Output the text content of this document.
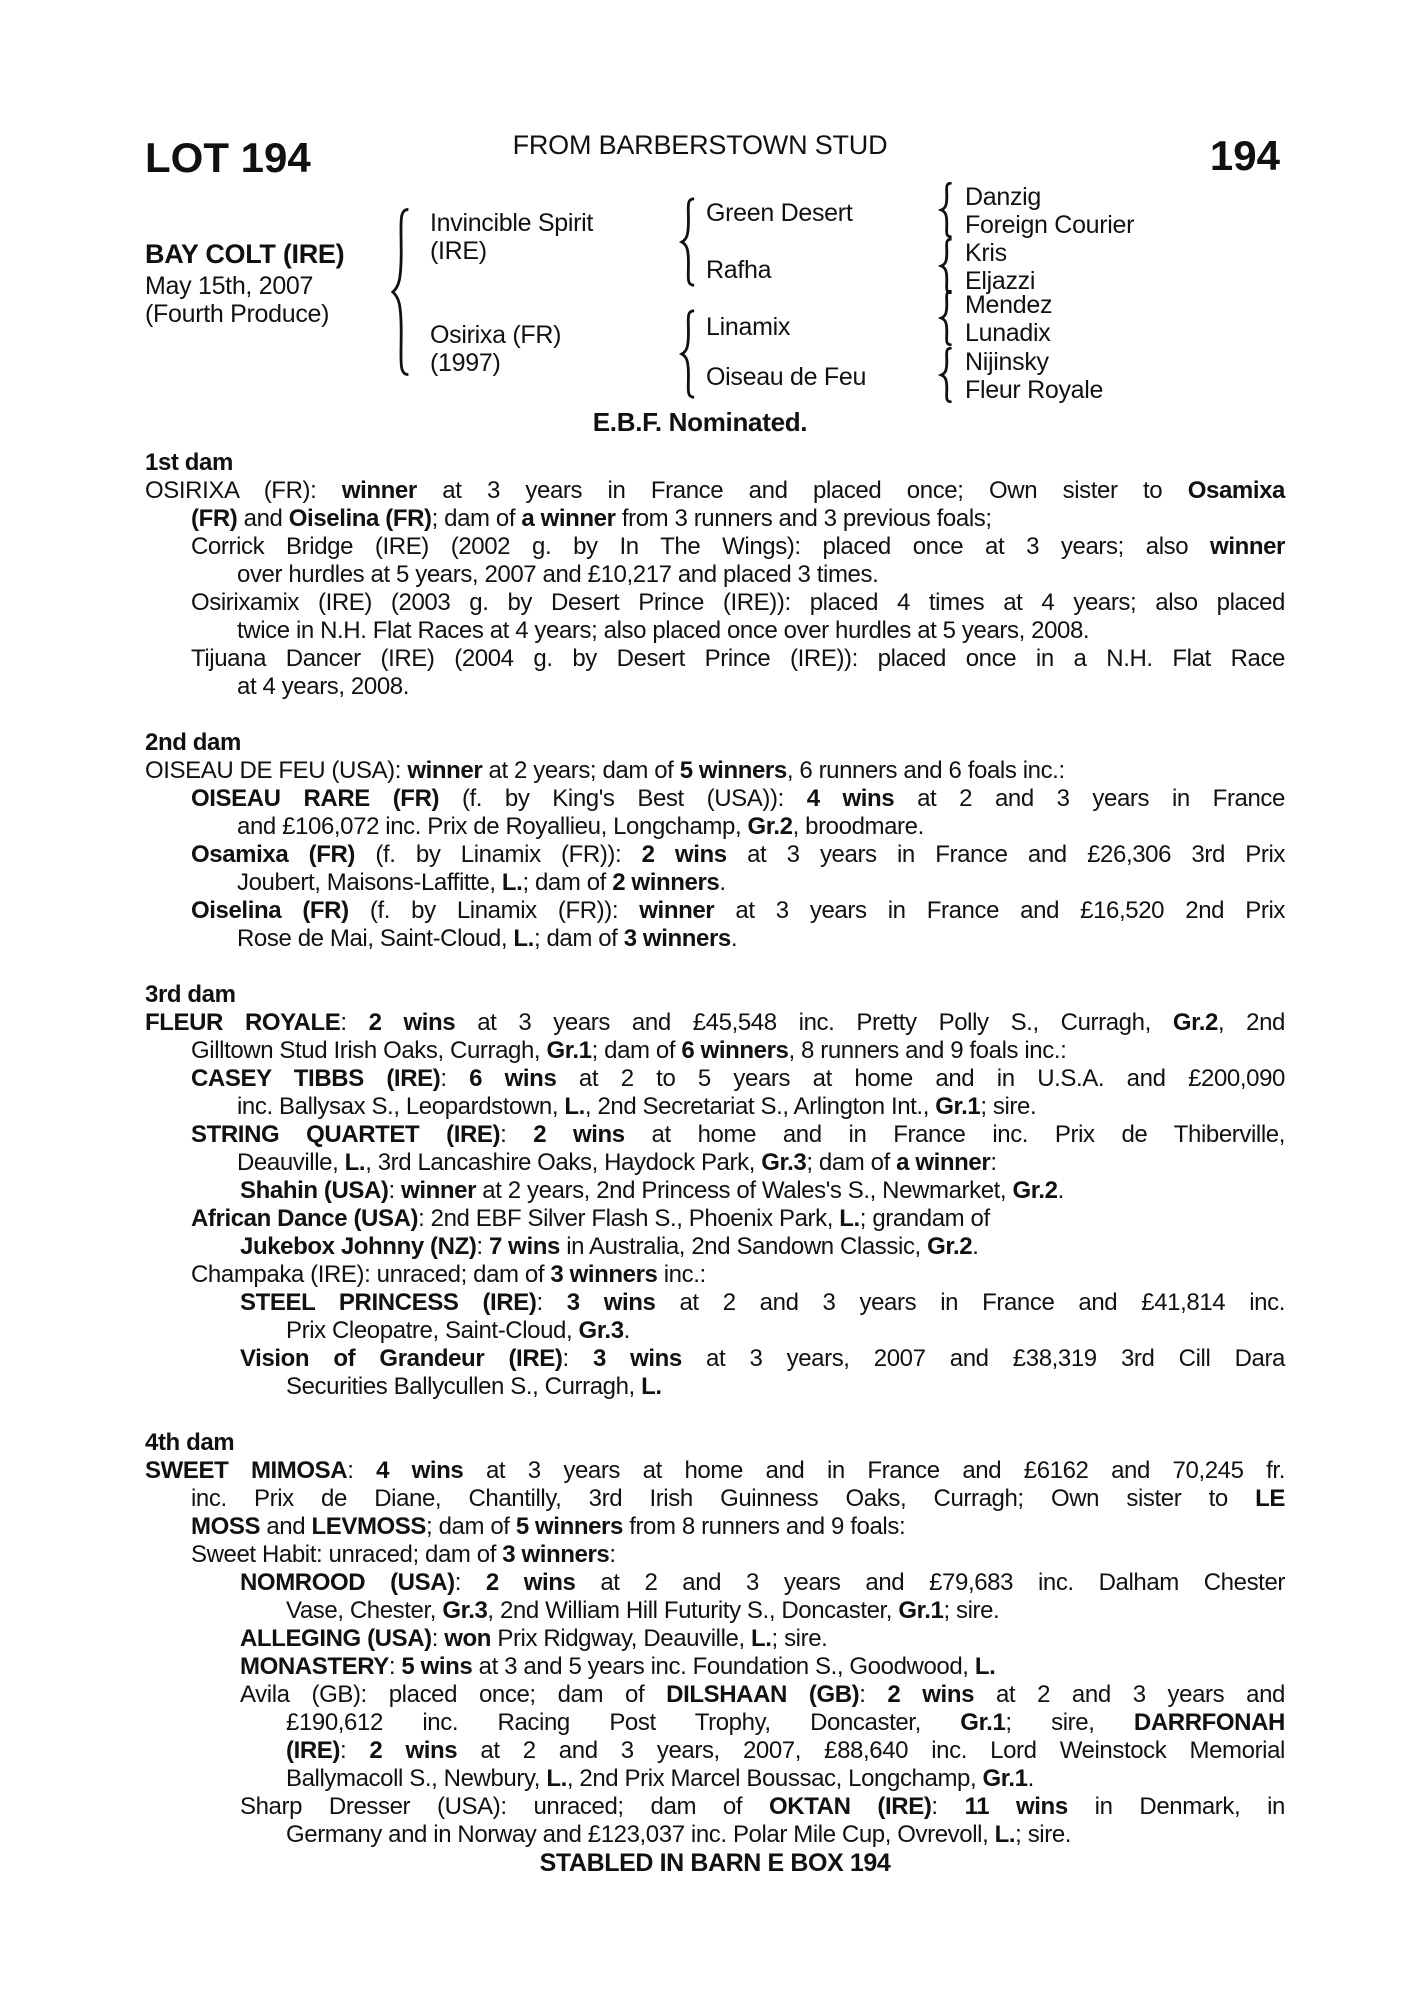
LOT 194	FROM BARBERSTOWN STUD	194
BAY COLT (IRE)
May 15th, 2007
(Fourth Produce)
Invincible Spirit
(IRE)
Osirixa (FR)
(1997)
Green Desert
Rafha
Linamix
Oiseau de Feu
Danzig
Foreign Courier
Kris
Eljazzi
Mendez
Lunadix
Nijinsky
Fleur Royale
E.B.F. Nominated.
1st dam
OSIRIXA (FR): winner at 3 years in France and placed once; Own sister to Osamixa
(FR) and Oiselina (FR); dam of a winner from 3 runners and 3 previous foals;
Corrick Bridge (IRE) (2002 g. by In The Wings): placed once at 3 years; also winner
over hurdles at 5 years, 2007 and £10,217 and placed 3 times.
Osirixamix (IRE) (2003 g. by Desert Prince (IRE)): placed 4 times at 4 years; also placed
twice in N.H. Flat Races at 4 years; also placed once over hurdles at 5 years, 2008.
Tijuana Dancer (IRE) (2004 g. by Desert Prince (IRE)): placed once in a N.H. Flat Race
at 4 years, 2008.
2nd dam
OISEAU DE FEU (USA): winner at 2 years; dam of 5 winners, 6 runners and 6 foals inc.:
OISEAU RARE (FR) (f. by King's Best (USA)): 4 wins at 2 and 3 years in France
and £106,072 inc. Prix de Royallieu, Longchamp, Gr.2, broodmare.
Osamixa (FR) (f. by Linamix (FR)): 2 wins at 3 years in France and £26,306 3rd Prix
Joubert, Maisons-Laffitte, L.; dam of 2 winners.
Oiselina (FR) (f. by Linamix (FR)): winner at 3 years in France and £16,520 2nd Prix
Rose de Mai, Saint-Cloud, L.; dam of 3 winners.
3rd dam
FLEUR ROYALE: 2 wins at 3 years and £45,548 inc. Pretty Polly S., Curragh, Gr.2, 2nd
Gilltown Stud Irish Oaks, Curragh, Gr.1; dam of 6 winners, 8 runners and 9 foals inc.:
CASEY TIBBS (IRE): 6 wins at 2 to 5 years at home and in U.S.A. and £200,090
inc. Ballysax S., Leopardstown, L., 2nd Secretariat S., Arlington Int., Gr.1; sire.
STRING QUARTET (IRE): 2 wins at home and in France inc. Prix de Thiberville,
Deauville, L., 3rd Lancashire Oaks, Haydock Park, Gr.3; dam of a winner:
Shahin (USA): winner at 2 years, 2nd Princess of Wales's S., Newmarket, Gr.2.
African Dance (USA): 2nd EBF Silver Flash S., Phoenix Park, L.; grandam of
Jukebox Johnny (NZ): 7 wins in Australia, 2nd Sandown Classic, Gr.2.
Champaka (IRE): unraced; dam of 3 winners inc.:
STEEL PRINCESS (IRE): 3 wins at 2 and 3 years in France and £41,814 inc.
Prix Cleopatre, Saint-Cloud, Gr.3.
Vision of Grandeur (IRE): 3 wins at 3 years, 2007 and £38,319 3rd Cill Dara
Securities Ballycullen S., Curragh, L.
4th dam
SWEET MIMOSA: 4 wins at 3 years at home and in France and £6162 and 70,245 fr.
inc. Prix de Diane, Chantilly, 3rd Irish Guinness Oaks, Curragh; Own sister to LE
MOSS and LEVMOSS; dam of 5 winners from 8 runners and 9 foals:
Sweet Habit: unraced; dam of 3 winners:
NOMROOD (USA): 2 wins at 2 and 3 years and £79,683 inc. Dalham Chester
Vase, Chester, Gr.3, 2nd William Hill Futurity S., Doncaster, Gr.1; sire.
ALLEGING (USA): won Prix Ridgway, Deauville, L.; sire.
MONASTERY: 5 wins at 3 and 5 years inc. Foundation S., Goodwood, L.
Avila (GB): placed once; dam of DILSHAAN (GB): 2 wins at 2 and 3 years and
£190,612 inc. Racing Post Trophy, Doncaster, Gr.1; sire, DARRFONAH
(IRE): 2 wins at 2 and 3 years, 2007, £88,640 inc. Lord Weinstock Memorial
Ballymacoll S., Newbury, L., 2nd Prix Marcel Boussac, Longchamp, Gr.1.
Sharp Dresser (USA): unraced; dam of OKTAN (IRE): 11 wins in Denmark, in
Germany and in Norway and £123,037 inc. Polar Mile Cup, Ovrevoll, L.; sire.
STABLED IN BARN E BOX 194
